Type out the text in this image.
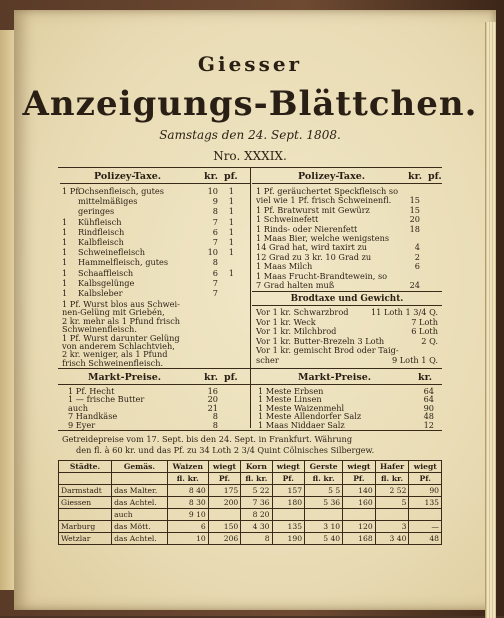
Giesser
Anzeigungs-Blättchen.
Samstags den 24. Sept. 1808.
Nro. XXXIX.
Polizey-Taxe.	kr. pf.	Polizey-Taxe.	kr. pf.
Brodtaxe und Gewicht.
Markt-Preise.	kr. pf.	Markt-Preise.	kr.
Getreidepreise vom 17. Sept. bis den 24. Sept. in Frankfurt. Währung
den fl. à 60 kr. und das Pf. zu 34 Loth 2 3/4 Quint Cölnisches Silbergew.
Städte.	Gemäs.	Waizen	wiegt	Korn	wiegt	Gerste	wiegt	Hafer	wiegt
		fl. kr.	Pf.	fl. kr.	Pf.	fl. kr.	Pf.	fl. kr.	Pf.
Darmstadt	das Malter.	8 40	175	5 22	157	5 5	140	2 52	90
Giessen	das Achtel.	8 30	200	7 36	180	5 36	160	5	135
	auch	9 10		8 20					
Marburg	das Mött.	6	150	4 30	135	3 10	120	3	—
Wetzlar	das Achtel.	10	206	8	190	5 40	168	3 40	48
1 Pf.
Ochsenfleisch, gutes	10	1
mittelmäßiges	9	1
geringes	8	1
1 Kühfleisch	7	1
1 Rindfleisch	6	1
1 Kalbfleisch	7	1
1 Schweinefleisch	10	1
1 Hammelfleisch, gutes	8
1 Schaaffleisch	6	1
1 Kalbsgelünge	7
1 Kalbsleber	7
1 Pf. Wurst blos aus Schwei-
nen-Gelüng mit Griebén,
2 kr. mehr als 1 Pfund frisch
Schweinenfleisch.
1 Pf. Wurst darunter Gelüng
von anderem Schlachtvieh,
2 kr. weniger, als 1 Pfund
frisch Schweinenfleisch.
1 Pf. geräuchertet Speckfleisch so
viel wie 1 Pf. frisch Schweinenfl.	15
1 Pf. Bratwurst mit Gewürz	15
1 Schweinefett	20
1 Rinds- oder Nierenfett	18
1 Maas Bier, welche wenigstens
14 Grad hat, wird taxirt zu	4
12 Grad zu 3 kr. 10 Grad zu	2
1 Maas Milch	6
1 Maas Frucht-Brandtewein, so
7 Grad halten muß	24
Vor 1 kr. Schwarzbrod	11 Loth 1 3/4 Q.
Vor 1 kr. Weck	7 Loth
Vor 1 kr. Milchbrod	6 Loth
Vor 1 kr. Butter-Brezeln 3 Loth	2 Q.
Vor 1 kr. gemischt Brod oder Taig-
scher	9 Loth 1 Q.
1 Pf. Hecht	16
1 — frische Butter	20
auch	21
7 Handkäse	8
9 Eyer	8
1 Meste Erbsen	64
1 Meste Linsen	64
1 Meste Waizenmehl	90
1 Meste Allendorfer Salz	48
1 Maas Niddaer Salz	12
